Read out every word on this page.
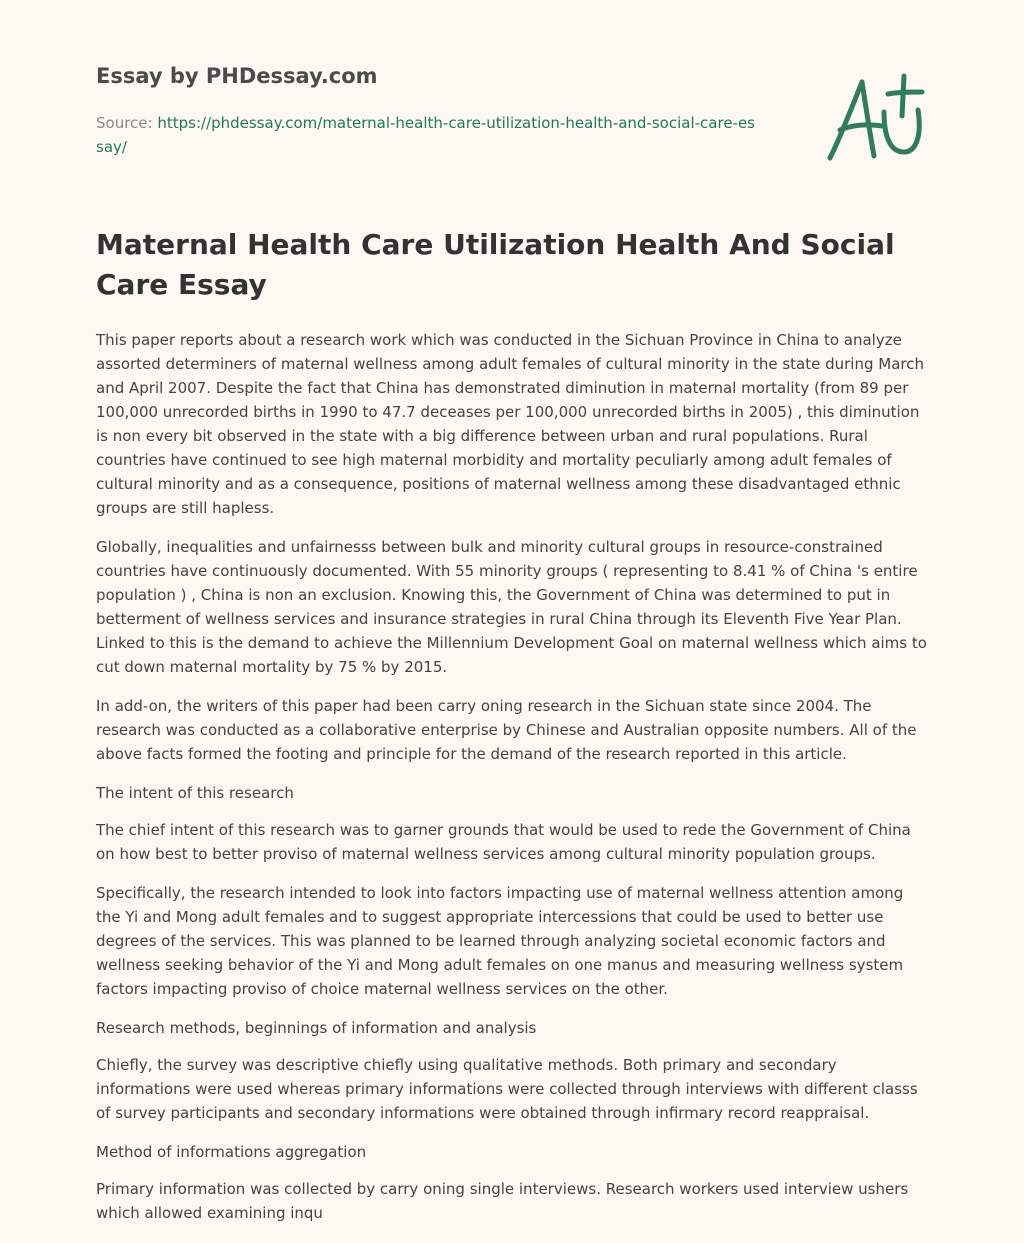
Essay by PHDessay.com
Source: https://phdessay.com/maternal-health-care-utilization-health-and-social-care-essay/
Maternal Health Care Utilization Health And Social Care Essay

This paper reports about a research work which was conducted in the Sichuan Province in China to analyze assorted determiners of maternal wellness among adult females of cultural minority in the state during March and April 2007. Despite the fact that China has demonstrated diminution in maternal mortality (from 89 per 100,000 unrecorded births in 1990 to 47.7 deceases per 100,000 unrecorded births in 2005) , this diminution is non every bit observed in the state with a big difference between urban and rural populations. Rural countries have continued to see high maternal morbidity and mortality peculiarly among adult females of cultural minority and as a consequence, positions of maternal wellness among these disadvantaged ethnic groups are still hapless.

Globally, inequalities and unfairnesss between bulk and minority cultural groups in resource-constrained countries have continuously documented. With 55 minority groups ( representing to 8.41 % of China 's entire population ) , China is non an exclusion. Knowing this, the Government of China was determined to put in betterment of wellness services and insurance strategies in rural China through its Eleventh Five Year Plan. Linked to this is the demand to achieve the Millennium Development Goal on maternal wellness which aims to cut down maternal mortality by 75 % by 2015.

In add-on, the writers of this paper had been carry oning research in the Sichuan state since 2004. The research was conducted as a collaborative enterprise by Chinese and Australian opposite numbers. All of the above facts formed the footing and principle for the demand of the research reported in this article.

The intent of this research

The chief intent of this research was to garner grounds that would be used to rede the Government of China on how best to better proviso of maternal wellness services among cultural minority population groups.

Specifically, the research intended to look into factors impacting use of maternal wellness attention among the Yi and Mong adult females and to suggest appropriate intercessions that could be used to better use degrees of the services. This was planned to be learned through analyzing societal economic factors and wellness seeking behavior of the Yi and Mong adult females on one manus and measuring wellness system factors impacting proviso of choice maternal wellness services on the other.

Research methods, beginnings of information and analysis

Chiefly, the survey was descriptive chiefly using qualitative methods. Both primary and secondary informations were used whereas primary informations were collected through interviews with different classs of survey participants and secondary informations were obtained through infirmary record reappraisal.

Method of informations aggregation

Primary information was collected by carry oning single interviews. Research workers used interview ushers which allowed examining inqu
